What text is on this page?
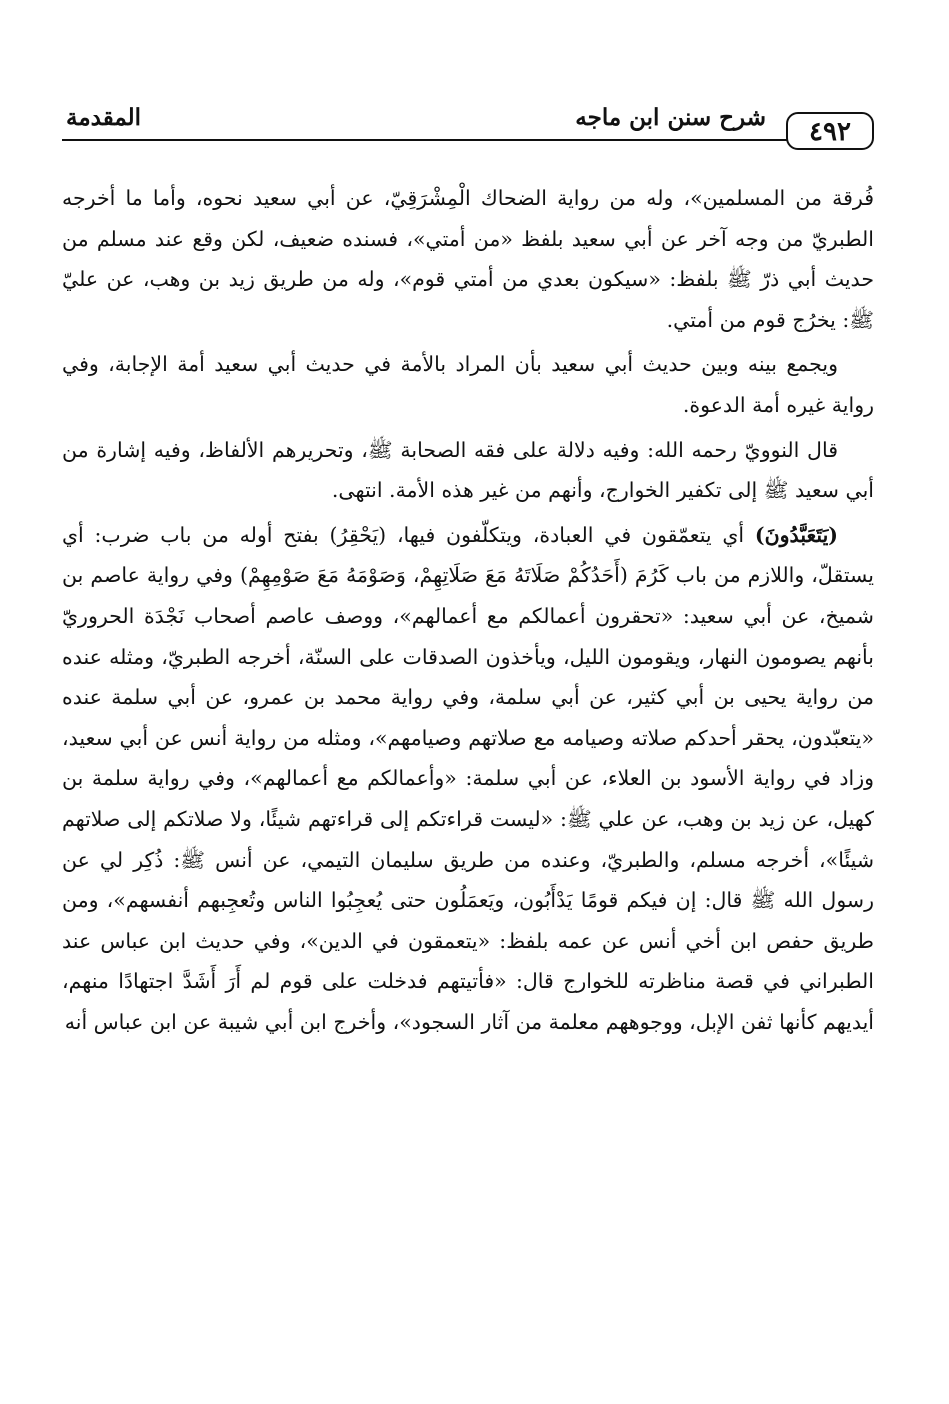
٤٩٢
شرح سنن ابن ماجه
المقدمة

فُرقة من المسلمين»، وله من رواية الضحاك الْمِشْرَقِيّ، عن أبي سعيد نحوه، وأما ما أخرجه الطبريّ من وجه آخر عن أبي سعيد بلفظ «من أمتي»، فسنده ضعيف، لكن وقع عند مسلم من حديث أبي ذرّ ﷺ بلفظ: «سيكون بعدي من أمتي قوم»، وله من طريق زيد بن وهب، عن عليّ ﷺ: يخرُج قوم من أمتي.

ويجمع بينه وبين حديث أبي سعيد بأن المراد بالأمة في حديث أبي سعيد أمة الإجابة، وفي رواية غيره أمة الدعوة.

قال النوويّ رحمه الله: وفيه دلالة على فقه الصحابة ﷺ، وتحريرهم الألفاظ، وفيه إشارة من أبي سعيد ﷺ إلى تكفير الخوارج، وأنهم من غير هذه الأمة. انتهى.

(يَتَعَبَّدُونَ) أي يتعمّقون في العبادة، ويتكلّفون فيها، (يَحْقِرُ) بفتح أوله من باب ضرب: أي يستقلّ، واللازم من باب كَرُمَ (أَحَدُكُمْ صَلَاتَهُ مَعَ صَلَاتِهِمْ، وَصَوْمَهُ مَعَ صَوْمِهِمْ) وفي رواية عاصم بن شميخ، عن أبي سعيد: «تحقرون أعمالكم مع أعمالهم»، ووصف عاصم أصحاب نَجْدَة الحروريّ بأنهم يصومون النهار، ويقومون الليل، ويأخذون الصدقات على السنّة، أخرجه الطبريّ، ومثله عنده من رواية يحيى بن أبي كثير، عن أبي سلمة، وفي رواية محمد بن عمرو، عن أبي سلمة عنده «يتعبّدون، يحقر أحدكم صلاته وصيامه مع صلاتهم وصيامهم»، ومثله من رواية أنس عن أبي سعيد، وزاد في رواية الأسود بن العلاء، عن أبي سلمة: «وأعمالكم مع أعمالهم»، وفي رواية سلمة بن كهيل، عن زيد بن وهب، عن علي ﷺ: «ليست قراءتكم إلى قراءتهم شيئًا، ولا صلاتكم إلى صلاتهم شيئًا»، أخرجه مسلم، والطبريّ، وعنده من طريق سليمان التيمي، عن أنس ﷺ: ذُكِر لي عن رسول الله ﷺ قال: إن فيكم قومًا يَدْأَبُون، ويَعمَلُون حتى يُعجِبُوا الناس وتُعجِبهم أنفسهم»، ومن طريق حفص ابن أخي أنس عن عمه بلفظ: «يتعمقون في الدين»، وفي حديث ابن عباس عند الطبراني في قصة مناظرته للخوارج قال: «فأتيتهم فدخلت على قوم لم أَرَ أَشَدَّ اجتهادًا منهم، أيديهم كأنها ثفن الإبل، ووجوههم معلمة من آثار السجود»، وأخرج ابن أبي شيبة عن ابن عباس أنه
